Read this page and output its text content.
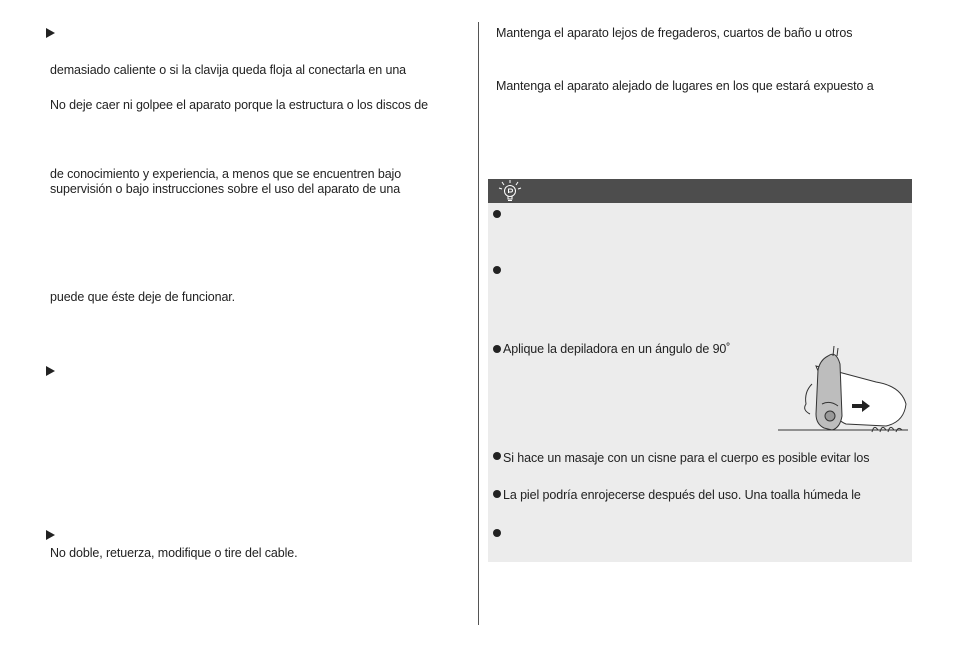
demasiado caliente o si la clavija queda floja al conectarla en una
No deje caer ni golpee el aparato porque la estructura o los discos de
de conocimiento y experiencia, a menos que se encuentren bajo
supervisión o bajo instrucciones sobre el uso del aparato de una
puede que éste deje de funcionar.
No doble, retuerza, modifique o tire del cable.
Mantenga el aparato lejos de fregaderos, cuartos de baño u otros
Mantenga el aparato alejado de lugares en los que estará expuesto a
Aplique la depiladora en un ángulo de 90˚
Si hace un masaje con un cisne para el cuerpo es posible evitar los
La piel podría enrojecerse después del uso. Una toalla húmeda le
